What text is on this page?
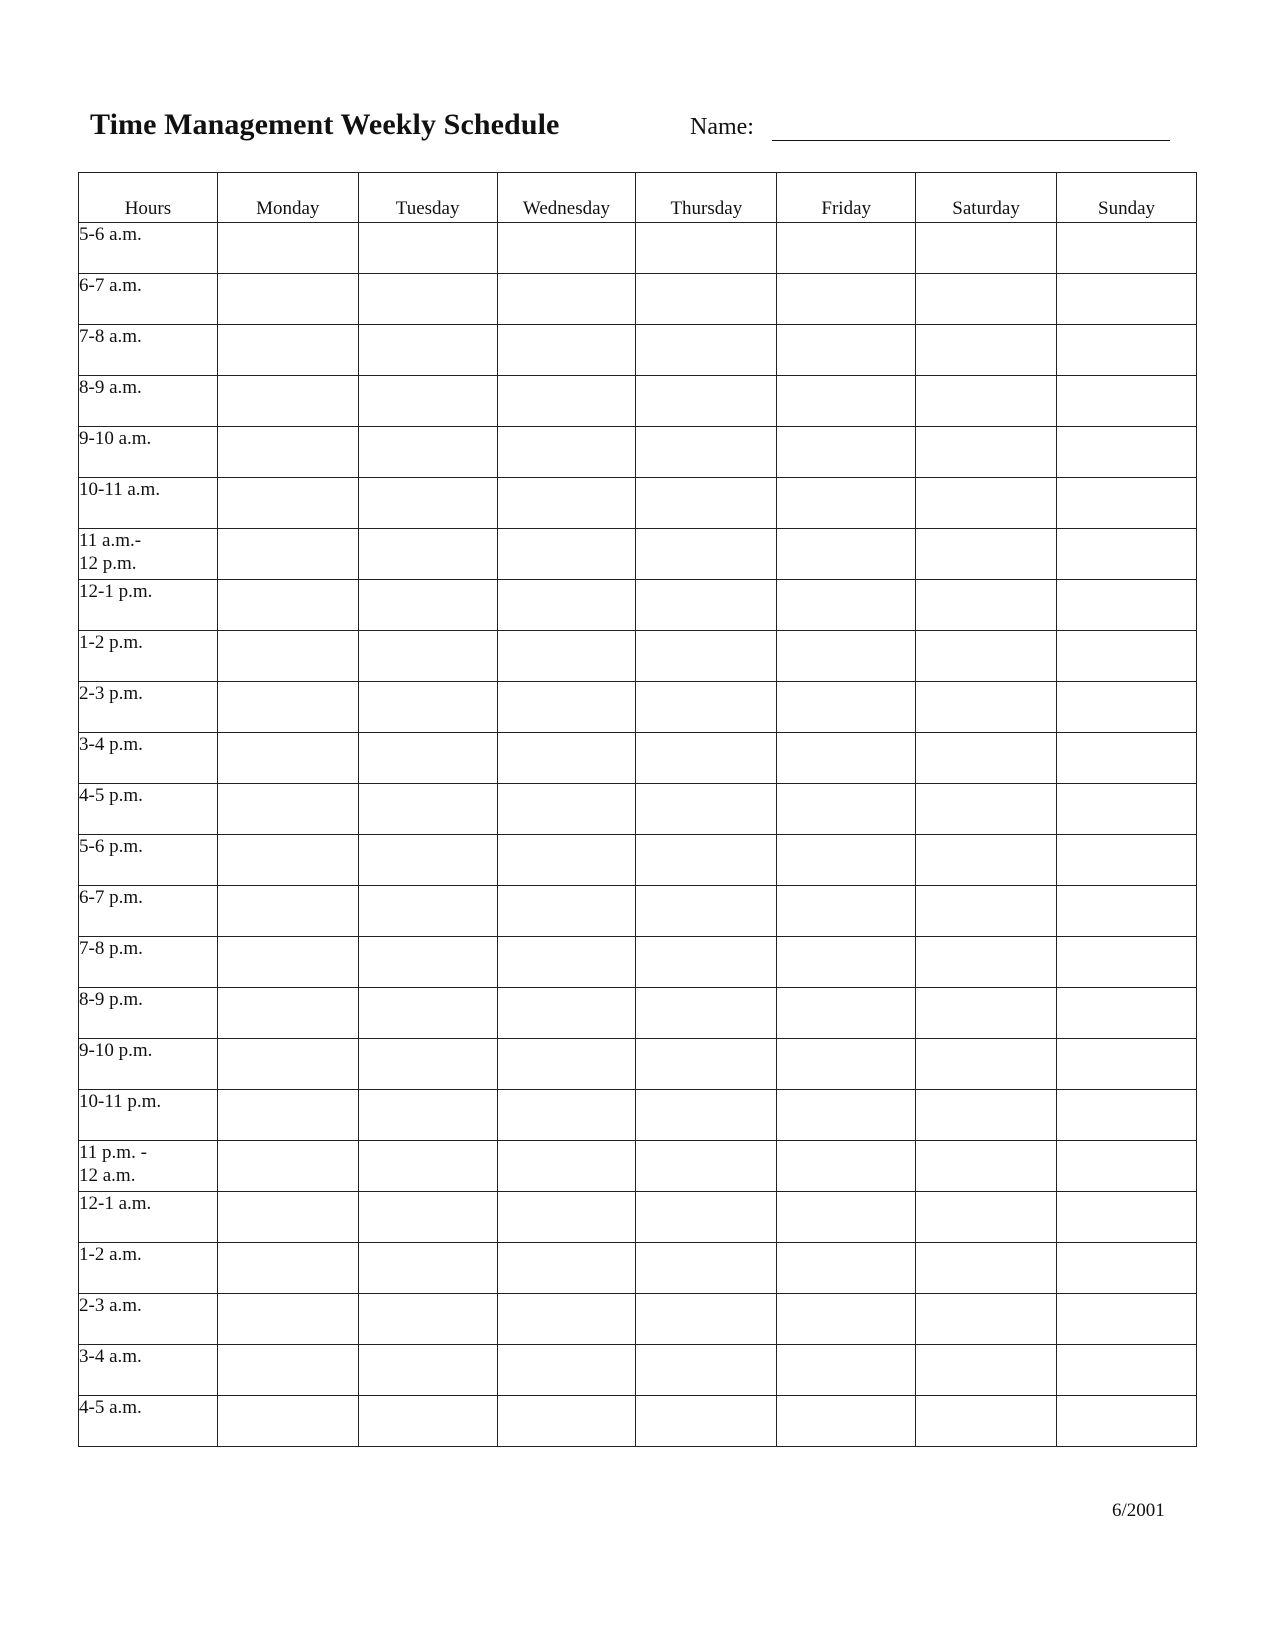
Time Management Weekly Schedule	Name:
Hours	Monday	Tuesday	Wednesday	Thursday	Friday	Saturday	Sunday
5-6 a.m.							
6-7 a.m.							
7-8 a.m.							
8-9 a.m.							
9-10 a.m.							
10-11 a.m.							
11 a.m.-
12 p.m.							
12-1 p.m.							
1-2 p.m.							
2-3 p.m.							
3-4 p.m.							
4-5 p.m.							
5-6 p.m.							
6-7 p.m.							
7-8 p.m.							
8-9 p.m.							
9-10 p.m.							
10-11 p.m.							
11 p.m. -
12 a.m.							
12-1 a.m.							
1-2 a.m.							
2-3 a.m.							
3-4 a.m.							
4-5 a.m.							
6/2001
